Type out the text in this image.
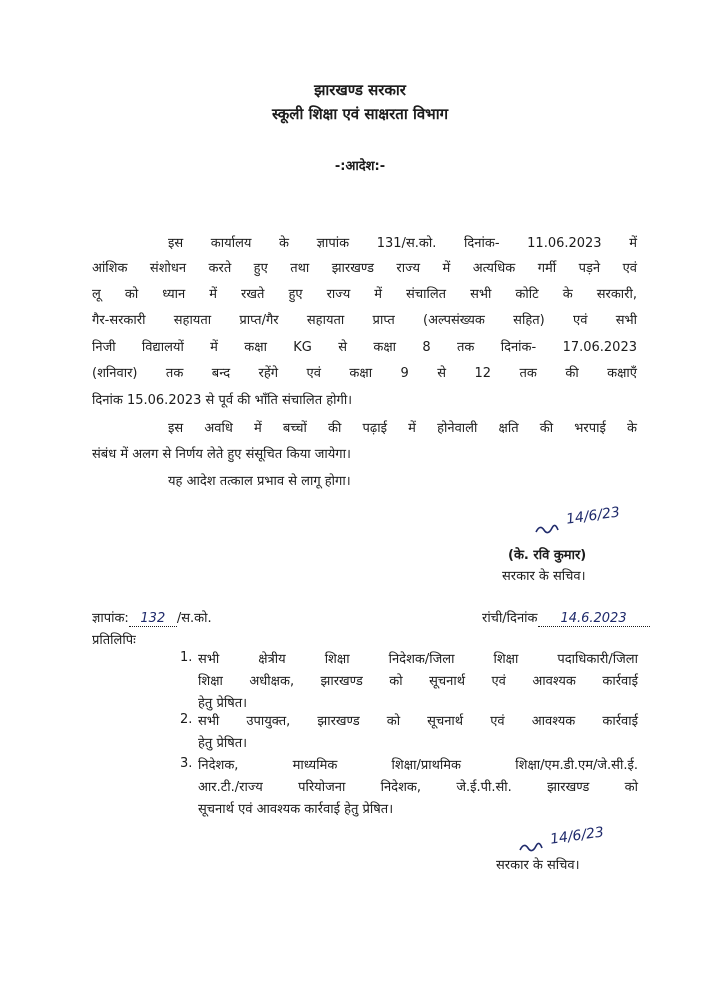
झारखण्ड सरकार
स्कूली शिक्षा एवं साक्षरता विभाग
-:आदेश:-
इस कार्यालय के ज्ञापांक 131/स.को. दिनांक- 11.06.2023 में
आंशिक संशोधन करते हुए तथा झारखण्ड राज्य में अत्यधिक गर्मी पड़ने एवं
लू को ध्यान में रखते हुए राज्य में संचालित सभी कोटि के सरकारी,
गैर-सरकारी सहायता प्राप्त/गैर सहायता प्राप्त (अल्पसंख्यक सहित) एवं सभी
निजी विद्यालयों में कक्षा KG से कक्षा 8 तक दिनांक- 17.06.2023
(शनिवार) तक बन्द रहेंगे एवं कक्षा 9 से 12 तक की कक्षाएँ
दिनांक 15.06.2023 से पूर्व की भाँति संचालित होगी।
इस अवधि में बच्चों की पढ़ाई में होनेवाली क्षति की भरपाई के
संबंध में अलग से निर्णय लेते हुए संसूचित किया जायेगा।
यह आदेश तत्काल प्रभाव से लागू होगा।
14/6/23
(के. रवि कुमार)
सरकार के सचिव।
ज्ञापांक: 132 /स.को.	रांची/दिनांक 14.6.2023
प्रतिलिपिः
1. सभी क्षेत्रीय शिक्षा निदेशक/जिला शिक्षा पदाधिकारी/जिला
शिक्षा अधीक्षक, झारखण्ड को सूचनार्थ एवं आवश्यक कार्रवाई
हेतु प्रेषित।
2. सभी उपायुक्त, झारखण्ड को सूचनार्थ एवं आवश्यक कार्रवाई
हेतु प्रेषित।
3. निदेशक, माध्यमिक शिक्षा/प्राथमिक शिक्षा/एम.डी.एम/जे.सी.ई.
आर.टी./राज्य परियोजना निदेशक, जे.ई.पी.सी. झारखण्ड को
सूचनार्थ एवं आवश्यक कार्रवाई हेतु प्रेषित।
14/6/23
सरकार के सचिव।
